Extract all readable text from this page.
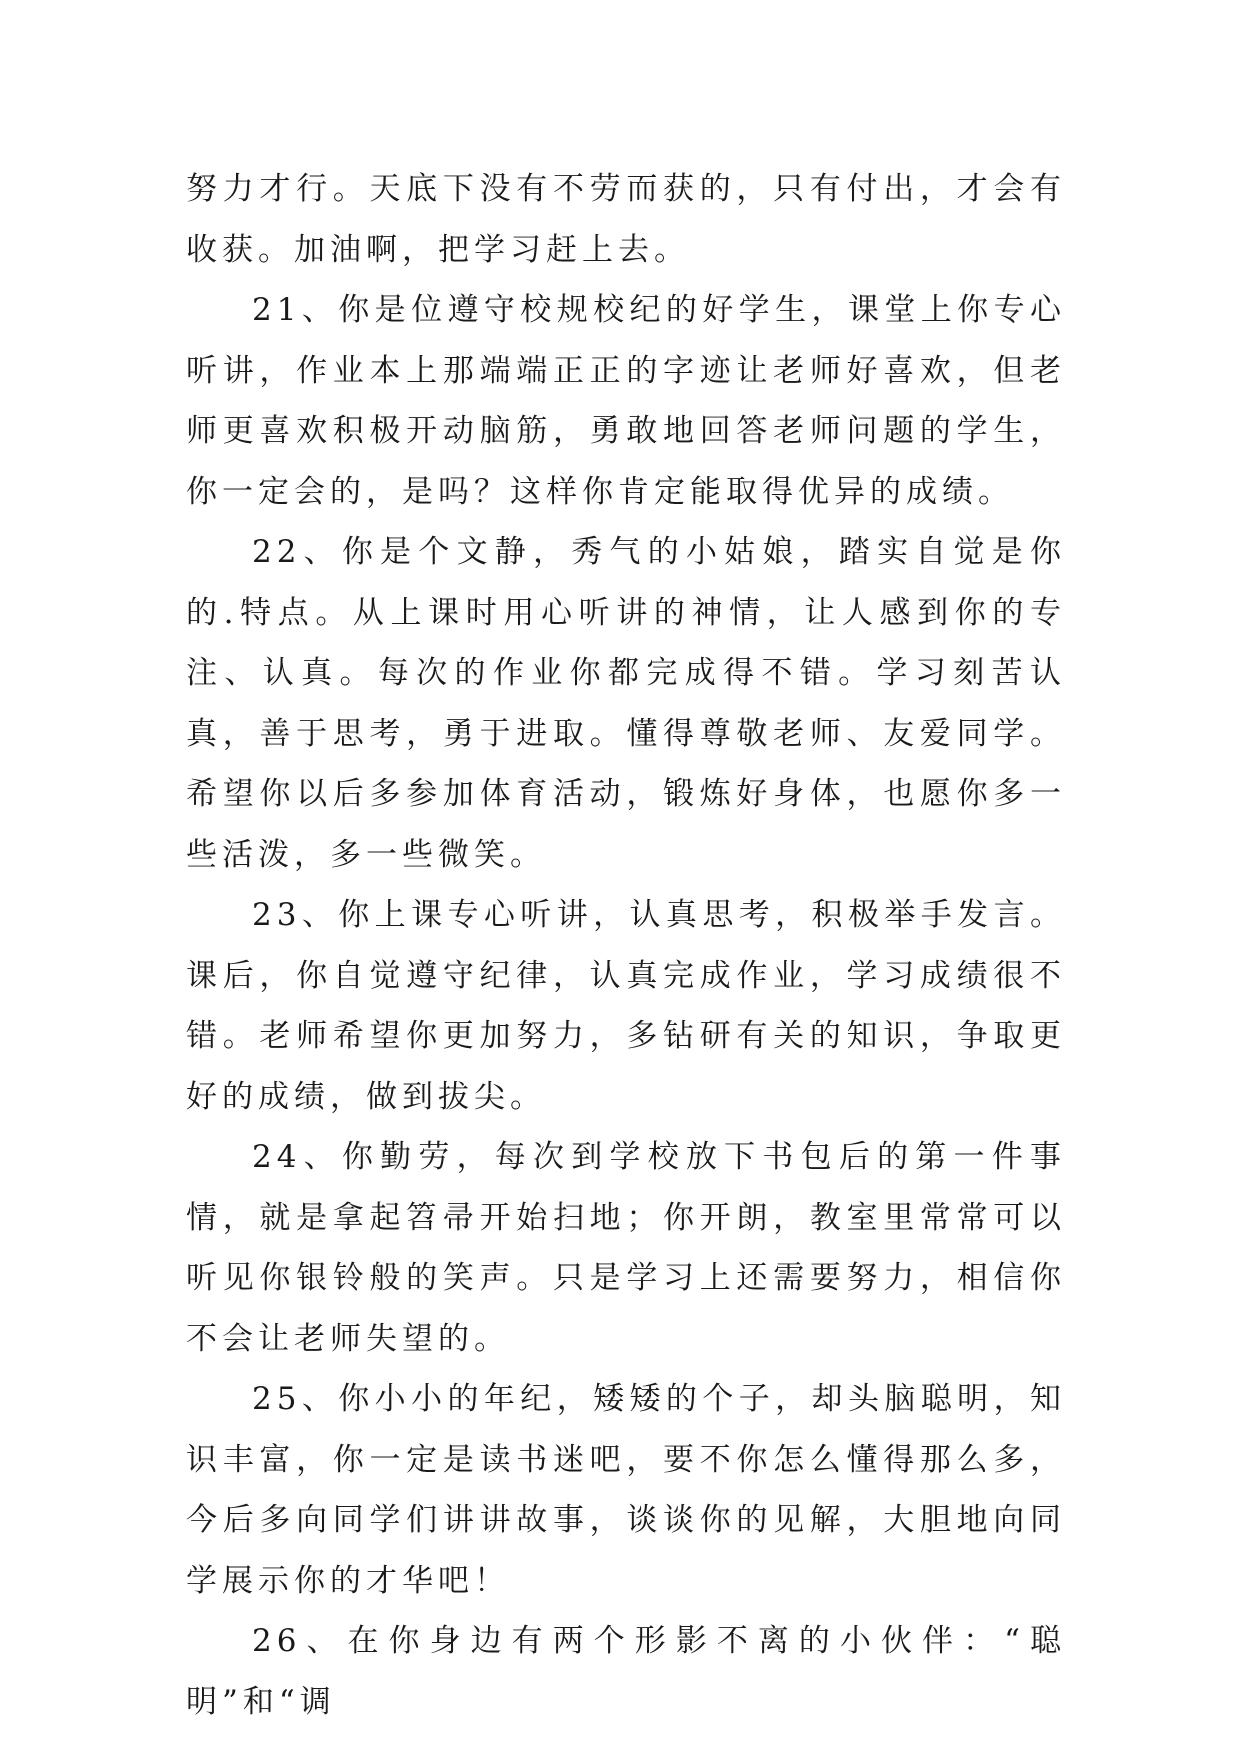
努力才行。天底下没有不劳而获的，只有付出，才会有收获。加油啊，把学习赶上去。

21、你是位遵守校规校纪的好学生，课堂上你专心听讲，作业本上那端端正正的字迹让老师好喜欢，但老师更喜欢积极开动脑筋，勇敢地回答老师问题的学生，你一定会的，是吗？这样你肯定能取得优异的成绩。

22、你是个文静，秀气的小姑娘，踏实自觉是你的.特点。从上课时用心听讲的神情，让人感到你的专注、认真。每次的作业你都完成得不错。学习刻苦认真，善于思考，勇于进取。懂得尊敬老师、友爱同学。希望你以后多参加体育活动，锻炼好身体，也愿你多一些活泼，多一些微笑。

23、你上课专心听讲，认真思考，积极举手发言。课后，你自觉遵守纪律，认真完成作业，学习成绩很不错。老师希望你更加努力，多钻研有关的知识，争取更好的成绩，做到拔尖。

24、你勤劳，每次到学校放下书包后的第一件事情，就是拿起笤帚开始扫地；你开朗，教室里常常可以听见你银铃般的笑声。只是学习上还需要努力，相信你不会让老师失望的。

25、你小小的年纪，矮矮的个子，却头脑聪明，知识丰富，你一定是读书迷吧，要不你怎么懂得那么多，今后多向同学们讲讲故事，谈谈你的见解，大胆地向同学展示你的才华吧！

26、在你身边有两个形影不离的小伙伴：“聪明”和“调
